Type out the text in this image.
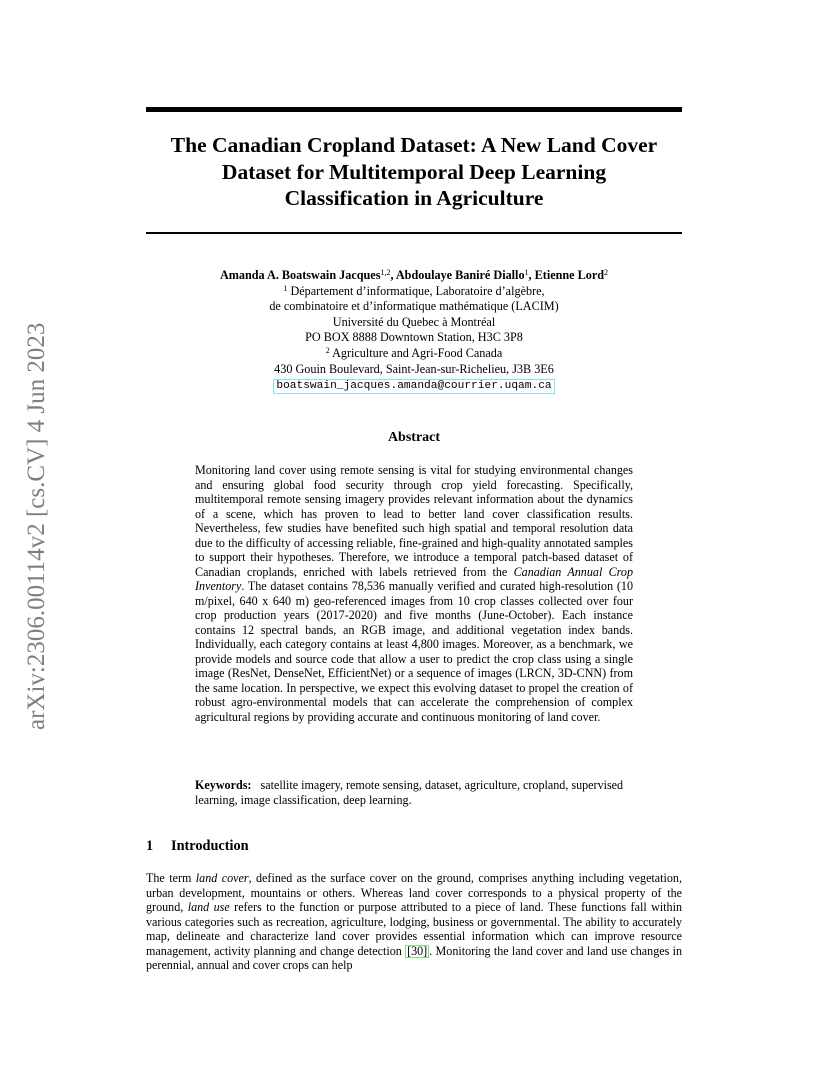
arXiv:2306.00114v2 [cs.CV] 4 Jun 2023
The Canadian Cropland Dataset: A New Land Cover
Dataset for Multitemporal Deep Learning
Classification in Agriculture
Amanda A. Boatswain Jacques$^{1,2}$, Abdoulaye Baniré Diallo$^1$, Etienne Lord$^2$
$^1$ Département d’informatique, Laboratoire d’algèbre,
de combinatoire et d’informatique mathématique (LACIM)
Université du Quebec à Montréal
PO BOX 8888 Downtown Station, H3C 3P8
$^2$ Agriculture and Agri-Food Canada
430 Gouin Boulevard, Saint-Jean-sur-Richelieu, J3B 3E6
boatswain_jacques.amanda@courrier.uqam.ca
Abstract
Monitoring land cover using remote sensing is vital for studying environmental changes and ensuring global food security through crop yield forecasting. Specifically, multitemporal remote sensing imagery provides relevant information about the dynamics of a scene, which has proven to lead to better land cover classification results. Nevertheless, few studies have benefited such high spatial and temporal resolution data due to the difficulty of accessing reliable, fine-grained and high-quality annotated samples to support their hypotheses. Therefore, we introduce a temporal patch-based dataset of Canadian croplands, enriched with labels retrieved from the Canadian Annual Crop Inventory. The dataset contains 78,536 manually verified and curated high-resolution (10 m/pixel, 640 x 640 m) geo-referenced images from 10 crop classes collected over four crop production years (2017-2020) and five months (June-October). Each instance contains 12 spectral bands, an RGB image, and additional vegetation index bands. Individually, each category contains at least 4,800 images. Moreover, as a benchmark, we provide models and source code that allow a user to predict the crop class using a single image (ResNet, DenseNet, EfficientNet) or a sequence of images (LRCN, 3D-CNN) from the same location. In perspective, we expect this evolving dataset to propel the creation of robust agro-environmental models that can accelerate the comprehension of complex agricultural regions by providing accurate and continuous monitoring of land cover.
Keywords: satellite imagery, remote sensing, dataset, agriculture, cropland, supervised learning, image classification, deep learning.
1 Introduction
The term land cover, defined as the surface cover on the ground, comprises anything including vegetation, urban development, mountains or others. Whereas land cover corresponds to a physical property of the ground, land use refers to the function or purpose attributed to a piece of land. These functions fall within various categories such as recreation, agriculture, lodging, business or governmental. The ability to accurately map, delineate and characterize land cover provides essential information which can improve resource management, activity planning and change detection [30] . Monitoring the land cover and land use changes in perennial, annual and cover crops can help
